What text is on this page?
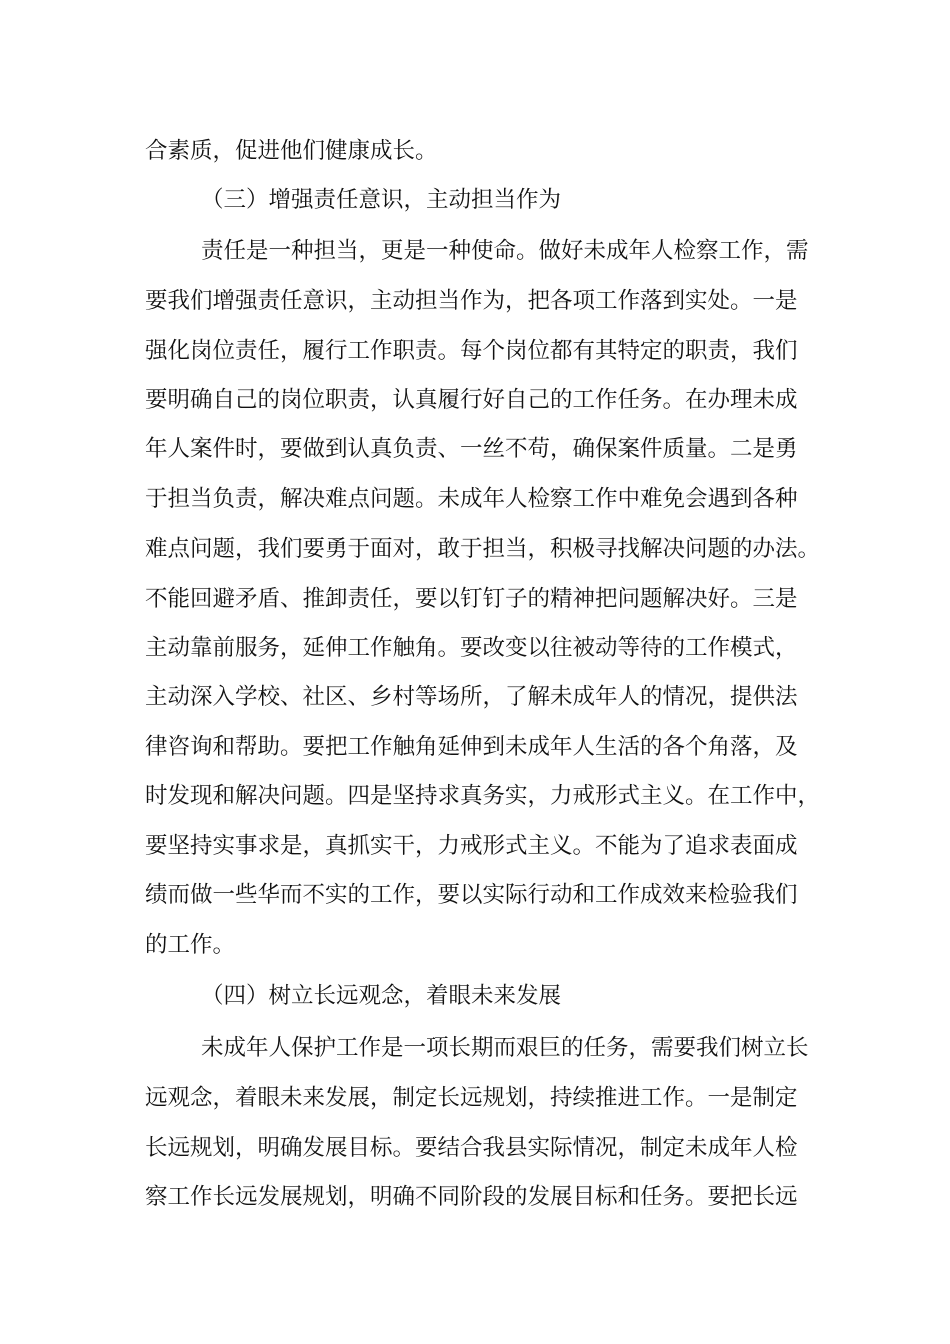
合素质，促进他们健康成长。
（三）增强责任意识，主动担当作为
责任是一种担当，更是一种使命。做好未成年人检察工作，需
要我们增强责任意识，主动担当作为，把各项工作落到实处。一是
强化岗位责任，履行工作职责。每个岗位都有其特定的职责，我们
要明确自己的岗位职责，认真履行好自己的工作任务。在办理未成
年人案件时，要做到认真负责、一丝不苟，确保案件质量。二是勇
于担当负责，解决难点问题。未成年人检察工作中难免会遇到各种
难点问题，我们要勇于面对，敢于担当，积极寻找解决问题的办法。
不能回避矛盾、推卸责任，要以钉钉子的精神把问题解决好。三是
主动靠前服务，延伸工作触角。要改变以往被动等待的工作模式，
主动深入学校、社区、乡村等场所，了解未成年人的情况，提供法
律咨询和帮助。要把工作触角延伸到未成年人生活的各个角落，及
时发现和解决问题。四是坚持求真务实，力戒形式主义。在工作中，
要坚持实事求是，真抓实干，力戒形式主义。不能为了追求表面成
绩而做一些华而不实的工作，要以实际行动和工作成效来检验我们
的工作。
（四）树立长远观念，着眼未来发展
未成年人保护工作是一项长期而艰巨的任务，需要我们树立长
远观念，着眼未来发展，制定长远规划，持续推进工作。一是制定
长远规划，明确发展目标。要结合我县实际情况，制定未成年人检
察工作长远发展规划，明确不同阶段的发展目标和任务。要把长远
